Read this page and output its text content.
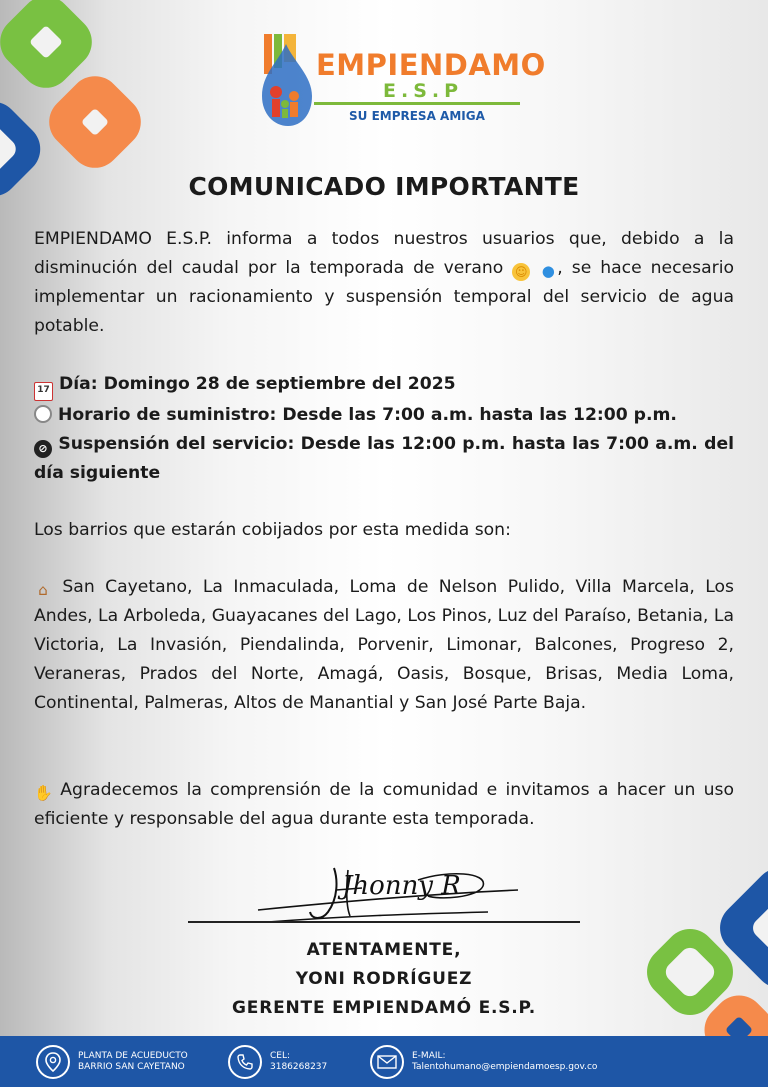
EMPIENDAMO
E.S.P
SU EMPRESA AMIGA
COMUNICADO IMPORTANTE
EMPIENDAMO E.S.P. informa a todos nuestros usuarios que, debido a la disminución del caudal por la temporada de verano ☺ ● , se hace necesario implementar un racionamiento y suspensión temporal del servicio de agua potable.
17 Día: Domingo 28 de septiembre del 2025
Horario de suministro: Desde las 7:00 a.m. hasta las 12:00 p.m.
⊘ Suspensión del servicio: Desde las 12:00 p.m. hasta las 7:00 a.m. del día siguiente
Los barrios que estarán cobijados por esta medida son:
⌂ San Cayetano, La Inmaculada, Loma de Nelson Pulido, Villa Marcela, Los Andes, La Arboleda, Guayacanes del Lago, Los Pinos, Luz del Paraíso, Betania, La Victoria, La Invasión, Piendalinda, Porvenir, Limonar, Balcones, Progreso 2, Veraneras, Prados del Norte, Amagá, Oasis, Bosque, Brisas, Media Loma, Continental, Palmeras, Altos de Manantial y San José Parte Baja.
✋ Agradecemos la comprensión de la comunidad e invitamos a hacer un uso eficiente y responsable del agua durante esta temporada.
Jhonny R
ATENTAMENTE,
YONI RODRÍGUEZ
GERENTE EMPIENDAMÓ E.S.P.
PLANTA DE ACUEDUCTO
BARRIO SAN CAYETANO
CEL:
3186268237
E-MAIL:
Talentohumano@empiendamoesp.gov.co
